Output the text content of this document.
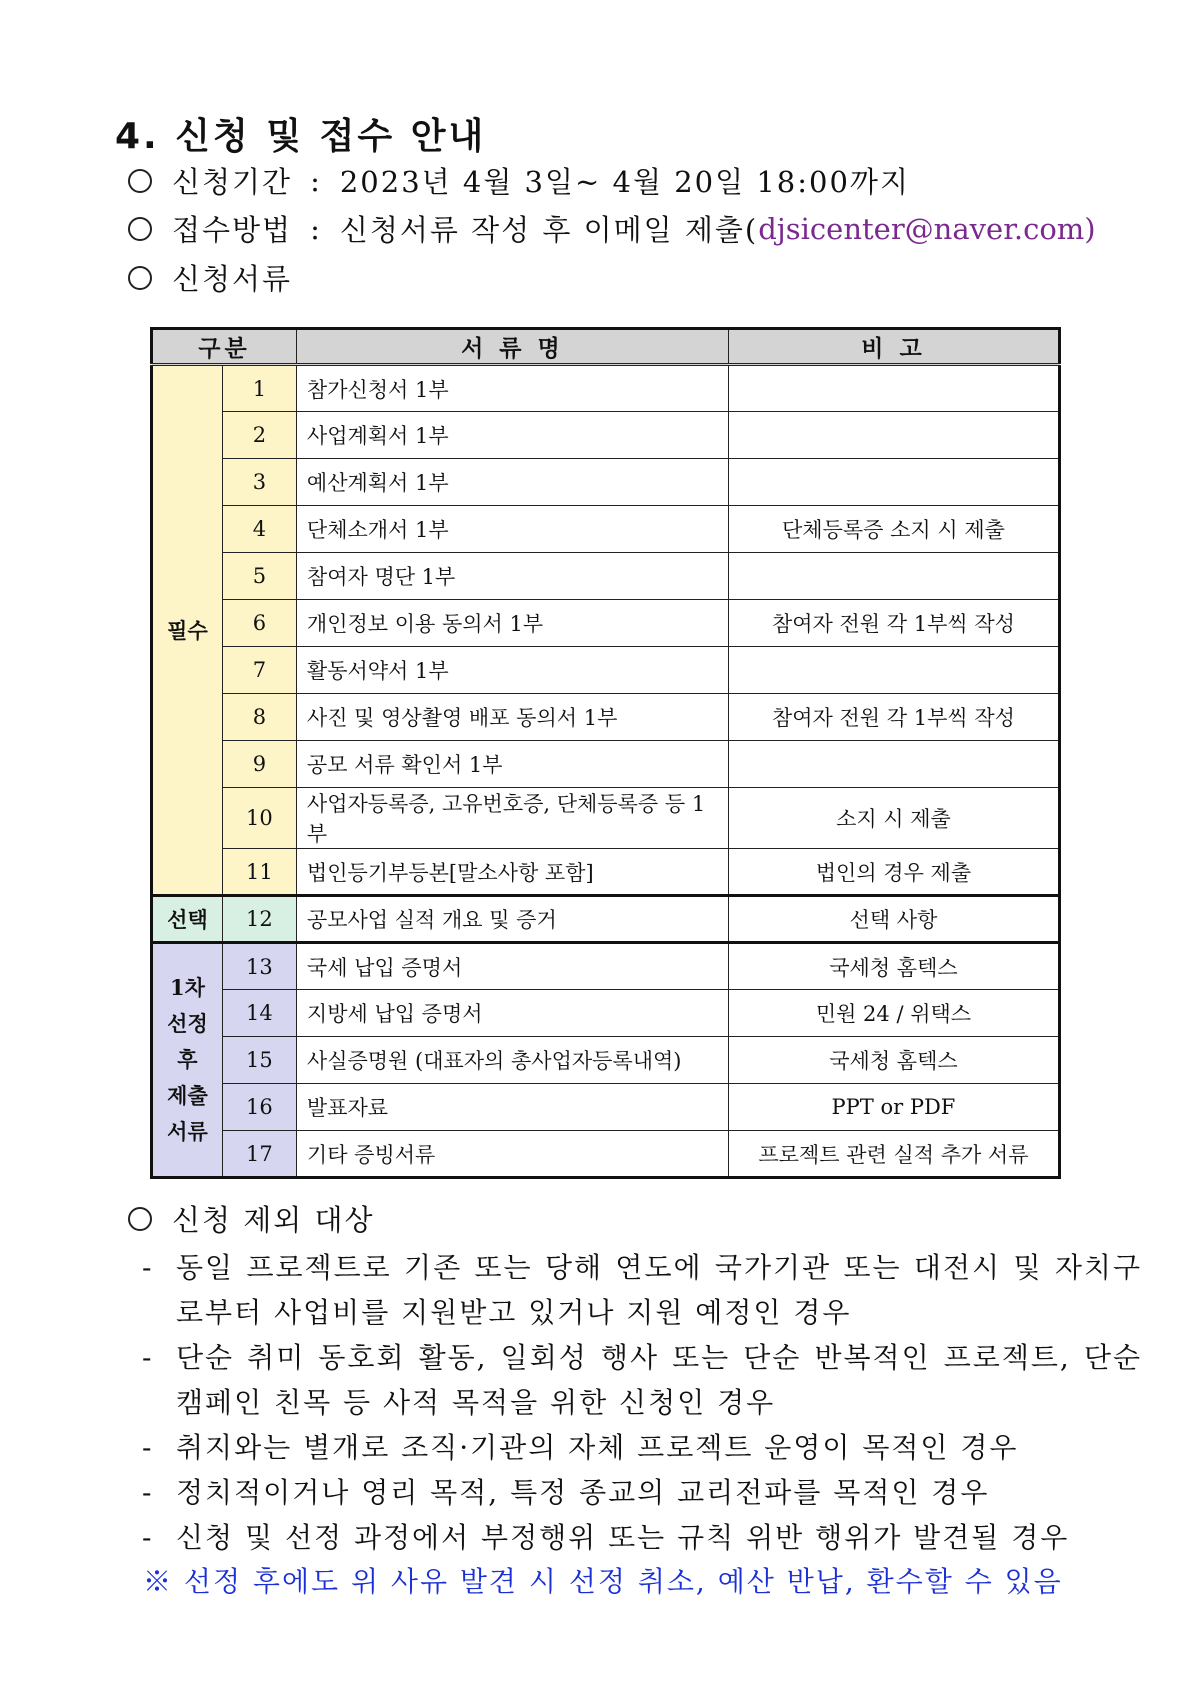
4. 신청 및 접수 안내
신청기간 : 2023년 4월 3일~ 4월 20일 18:00까지
접수방법 : 신청서류 작성 후 이메일 제출( djsicenter@naver.com )
신청서류
구분		서 류 명	비 고
필수	1	참가신청서 1부	
	2	사업계획서 1부	
	3	예산계획서 1부	
	4	단체소개서 1부	단체등록증 소지 시 제출
	5	참여자 명단 1부	
	6	개인정보 이용 동의서 1부	참여자 전원 각 1부씩 작성
	7	활동서약서 1부	
	8	사진 및 영상촬영 배포 동의서 1부	참여자 전원 각 1부씩 작성
	9	공모 서류 확인서 1부	
	10	사업자등록증, 고유번호증, 단체등록증 등 1부	소지 시 제출
	11	법인등기부등본[말소사항 포함]	법인의 경우 제출
선택	12	공모사업 실적 개요 및 증거	선택 사항

1차
선정
후
제출
서류	13	국세 납입 증명서	국세청 홈텍스
	14	지방세 납입 증명서	민원 24 / 위택스
	15	사실증명원 (대표자의 총사업자등록내역)	국세청 홈텍스
	16	발표자료	PPT or PDF
	17	기타 증빙서류	프로젝트 관련 실적 추가 서류
신청 제외 대상
- 동일 프로젝트로 기존 또는 당해 연도에 국가기관 또는 대전시 및 자치구로부터 사업비를 지원받고 있거나 지원 예정인 경우
- 단순 취미 동호회 활동, 일회성 행사 또는 단순 반복적인 프로젝트, 단순 캠페인 친목 등 사적 목적을 위한 신청인 경우
- 취지와는 별개로 조직·기관의 자체 프로젝트 운영이 목적인 경우
- 정치적이거나 영리 목적, 특정 종교의 교리전파를 목적인 경우
- 신청 및 선정 과정에서 부정행위 또는 규칙 위반 행위가 발견될 경우
※ 선정 후에도 위 사유 발견 시 선정 취소, 예산 반납, 환수할 수 있음
